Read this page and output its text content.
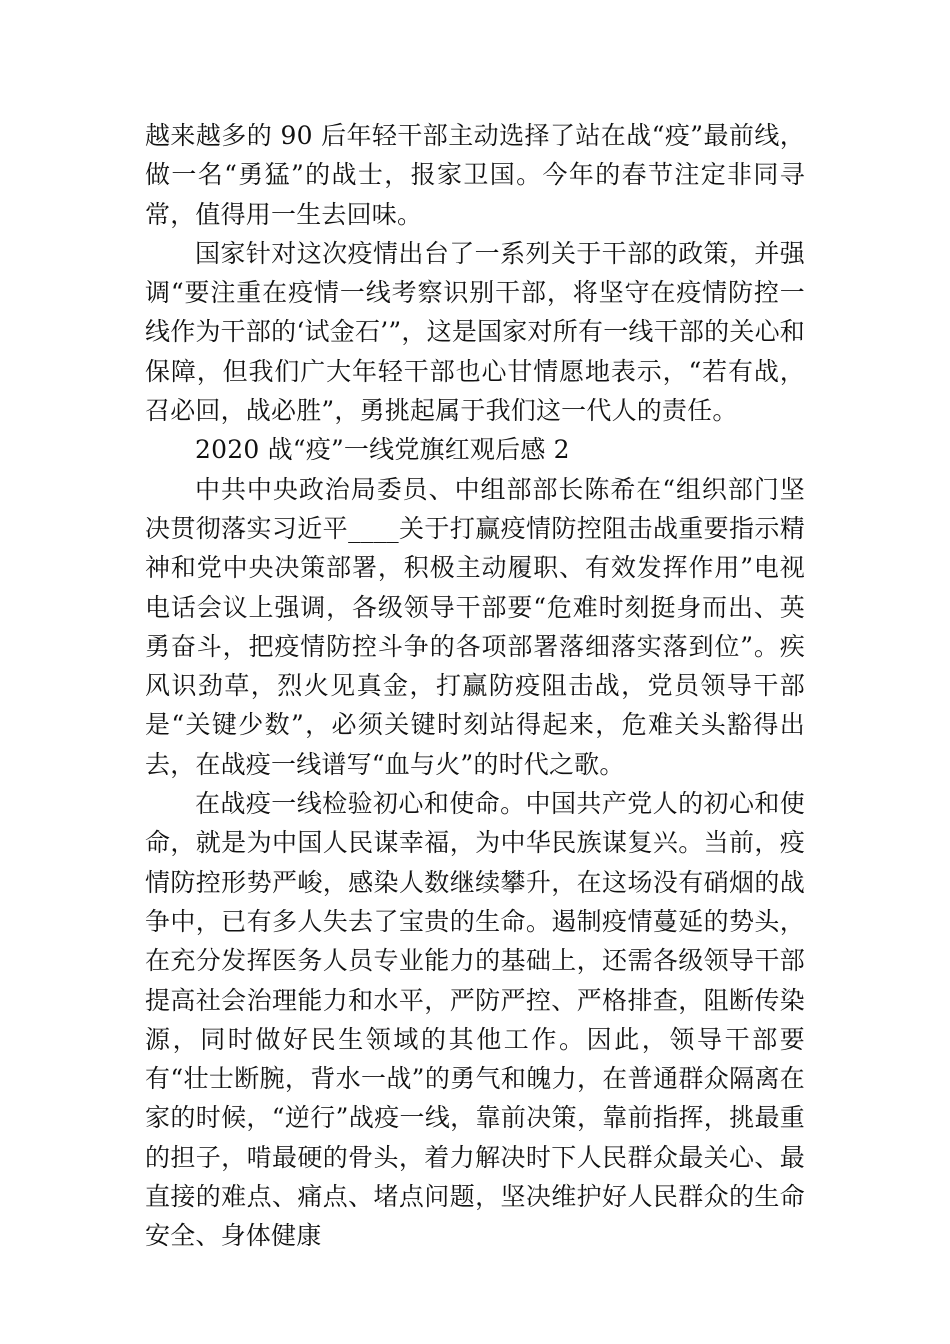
越来越多的 90 后年轻干部主动选择了站在战“疫”最前线，做一名“勇猛”的战士，报家卫国。今年的春节注定非同寻常，值得用一生去回味。

国家针对这次疫情出台了一系列关于干部的政策，并强调“要注重在疫情一线考察识别干部，将坚守在疫情防控一线作为干部的‘试金石’”，这是国家对所有一线干部的关心和保障，但我们广大年轻干部也心甘情愿地表示，“若有战，召必回，战必胜”，勇挑起属于我们这一代人的责任。

2020 战“疫”一线党旗红观后感 2

中共中央政治局委员、中组部部长陈希在“组织部门坚决贯彻落实习近平____关于打赢疫情防控阻击战重要指示精神和党中央决策部署，积极主动履职、有效发挥作用”电视电话会议上强调，各级领导干部要“危难时刻挺身而出、英勇奋斗，把疫情防控斗争的各项部署落细落实落到位”。疾风识劲草，烈火见真金，打赢防疫阻击战，党员领导干部是“关键少数”，必须关键时刻站得起来，危难关头豁得出去，在战疫一线谱写“血与火”的时代之歌。

在战疫一线检验初心和使命。中国共产党人的初心和使命，就是为中国人民谋幸福，为中华民族谋复兴。当前，疫情防控形势严峻，感染人数继续攀升，在这场没有硝烟的战争中，已有多人失去了宝贵的生命。遏制疫情蔓延的势头，在充分发挥医务人员专业能力的基础上，还需各级领导干部提高社会治理能力和水平，严防严控、严格排查，阻断传染源，同时做好民生领域的其他工作。因此，领导干部要有“壮士断腕，背水一战”的勇气和魄力，在普通群众隔离在家的时候，“逆行”战疫一线，靠前决策，靠前指挥，挑最重的担子，啃最硬的骨头，着力解决时下人民群众最关心、最直接的难点、痛点、堵点问题，坚决维护好人民群众的生命安全、身体健康
